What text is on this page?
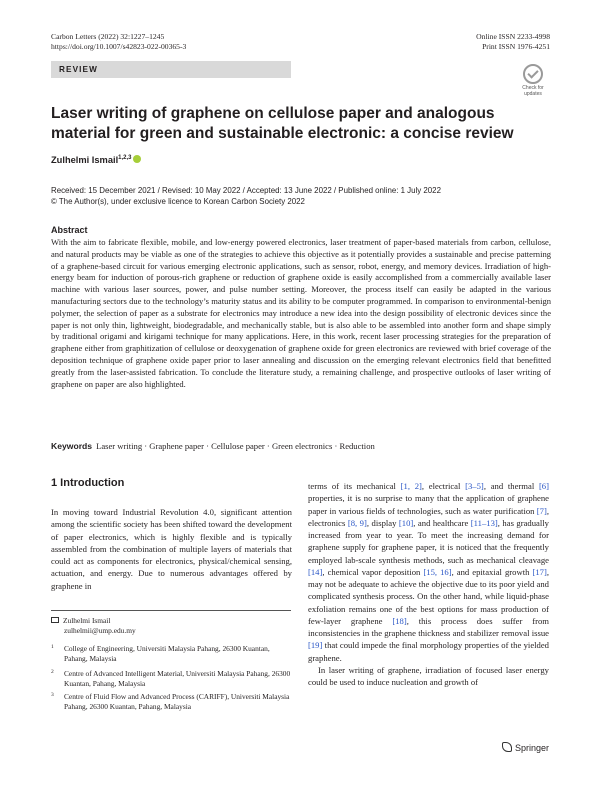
Carbon Letters (2022) 32:1227–1245
https://doi.org/10.1007/s42823-022-00365-3
Online ISSN 2233-4998
Print ISSN 1976-4251
REVIEW
Check for
updates
Laser writing of graphene on cellulose paper and analogous material for green and sustainable electronic: a concise review
Zulhelmi Ismail$^{1,2,3}$
Received: 15 December 2021 / Revised: 10 May 2022 / Accepted: 13 June 2022 / Published online: 1 July 2022
© The Author(s), under exclusive licence to Korean Carbon Society 2022
Abstract

With the aim to fabricate flexible, mobile, and low-energy powered electronics, laser treatment of paper-based materials from carbon, cellulose, and natural products may be viable as one of the strategies to achieve this objective as it potentially provides a sustainable and precise patterning of a graphene-based circuit for various emerging electronic applications, such as sensor, robot, energy, and memory devices. Irradiation of high-energy beam for induction of porous-rich graphene or reduction of graphene oxide is easily accomplished from a commercially available laser machine with various laser sources, power, and pulse number setting. Moreover, the process itself can easily be adapted in the various manufacturing sectors due to the technology’s maturity status and its ability to be computer programmed. In comparison to environmental-benign polymer, the selection of paper as a substrate for electronics may introduce a new idea into the design possibility of electronic devices since the paper is not only thin, lightweight, biodegradable, and mechanically stable, but is also able to be assembled into another form and shape simply by traditional origami and kirigami technique for many applications. Here, in this work, recent laser processing strategies for the preparation of graphene either from graphitization of cellulose or deoxygenation of graphene oxide for green electronics are reviewed with brief coverage of the deposition technique of graphene oxide paper prior to laser annealing and discussion on the emerging relevant electronics field that benefitted greatly from the laser-assisted fabrication. To conclude the literature study, a remaining challenge, and prospective outlooks of laser writing of graphene on paper are also highlighted.

Keywords Laser writing · Graphene paper · Cellulose paper · Green electronics · Reduction
1 Introduction

In moving toward Industrial Revolution 4.0, significant attention among the scientific society has been shifted toward the development of paper electronics, which is highly flexible and is typically assembled from the combination of multiple layers of materials that could act as components for electronics, physical/chemical sensing, actuation, and energy. Due to numerous advantages offered by graphene in

Zulhelmi Ismail
zulhelmii@ump.edu.my
1	College of Engineering, Universiti Malaysia Pahang, 26300 Kuantan, Pahang, Malaysia
2	Centre of Advanced Intelligent Material, Universiti Malaysia Pahang, 26300 Kuantan, Pahang, Malaysia
3	Centre of Fluid Flow and Advanced Process (CARIFF), Universiti Malaysia Pahang, 26300 Kuantan, Pahang, Malaysia

terms of its mechanical [1, 2], electrical [3–5], and thermal [6] properties, it is no surprise to many that the application of graphene paper in various fields of technologies, such as water purification [7], electronics [8, 9], display [10], and healthcare [11–13], has gradually increased from year to year. To meet the increasing demand for graphene supply for graphene paper, it is noticed that the frequently employed lab-scale synthesis methods, such as mechanical cleavage [14], chemical vapor deposition [15, 16], and epitaxial growth [17], may not be adequate to achieve the objective due to its poor yield and complicated synthesis process. On the other hand, while liquid-phase exfoliation remains one of the best options for mass production of few-layer graphene [18], this process does suffer from inconsistencies in the graphene thickness and stabilizer removal issue [19] that could impede the final morphology properties of the yielded graphene.

In laser writing of graphene, irradiation of focused laser energy could be used to induce nucleation and growth of

Springer
